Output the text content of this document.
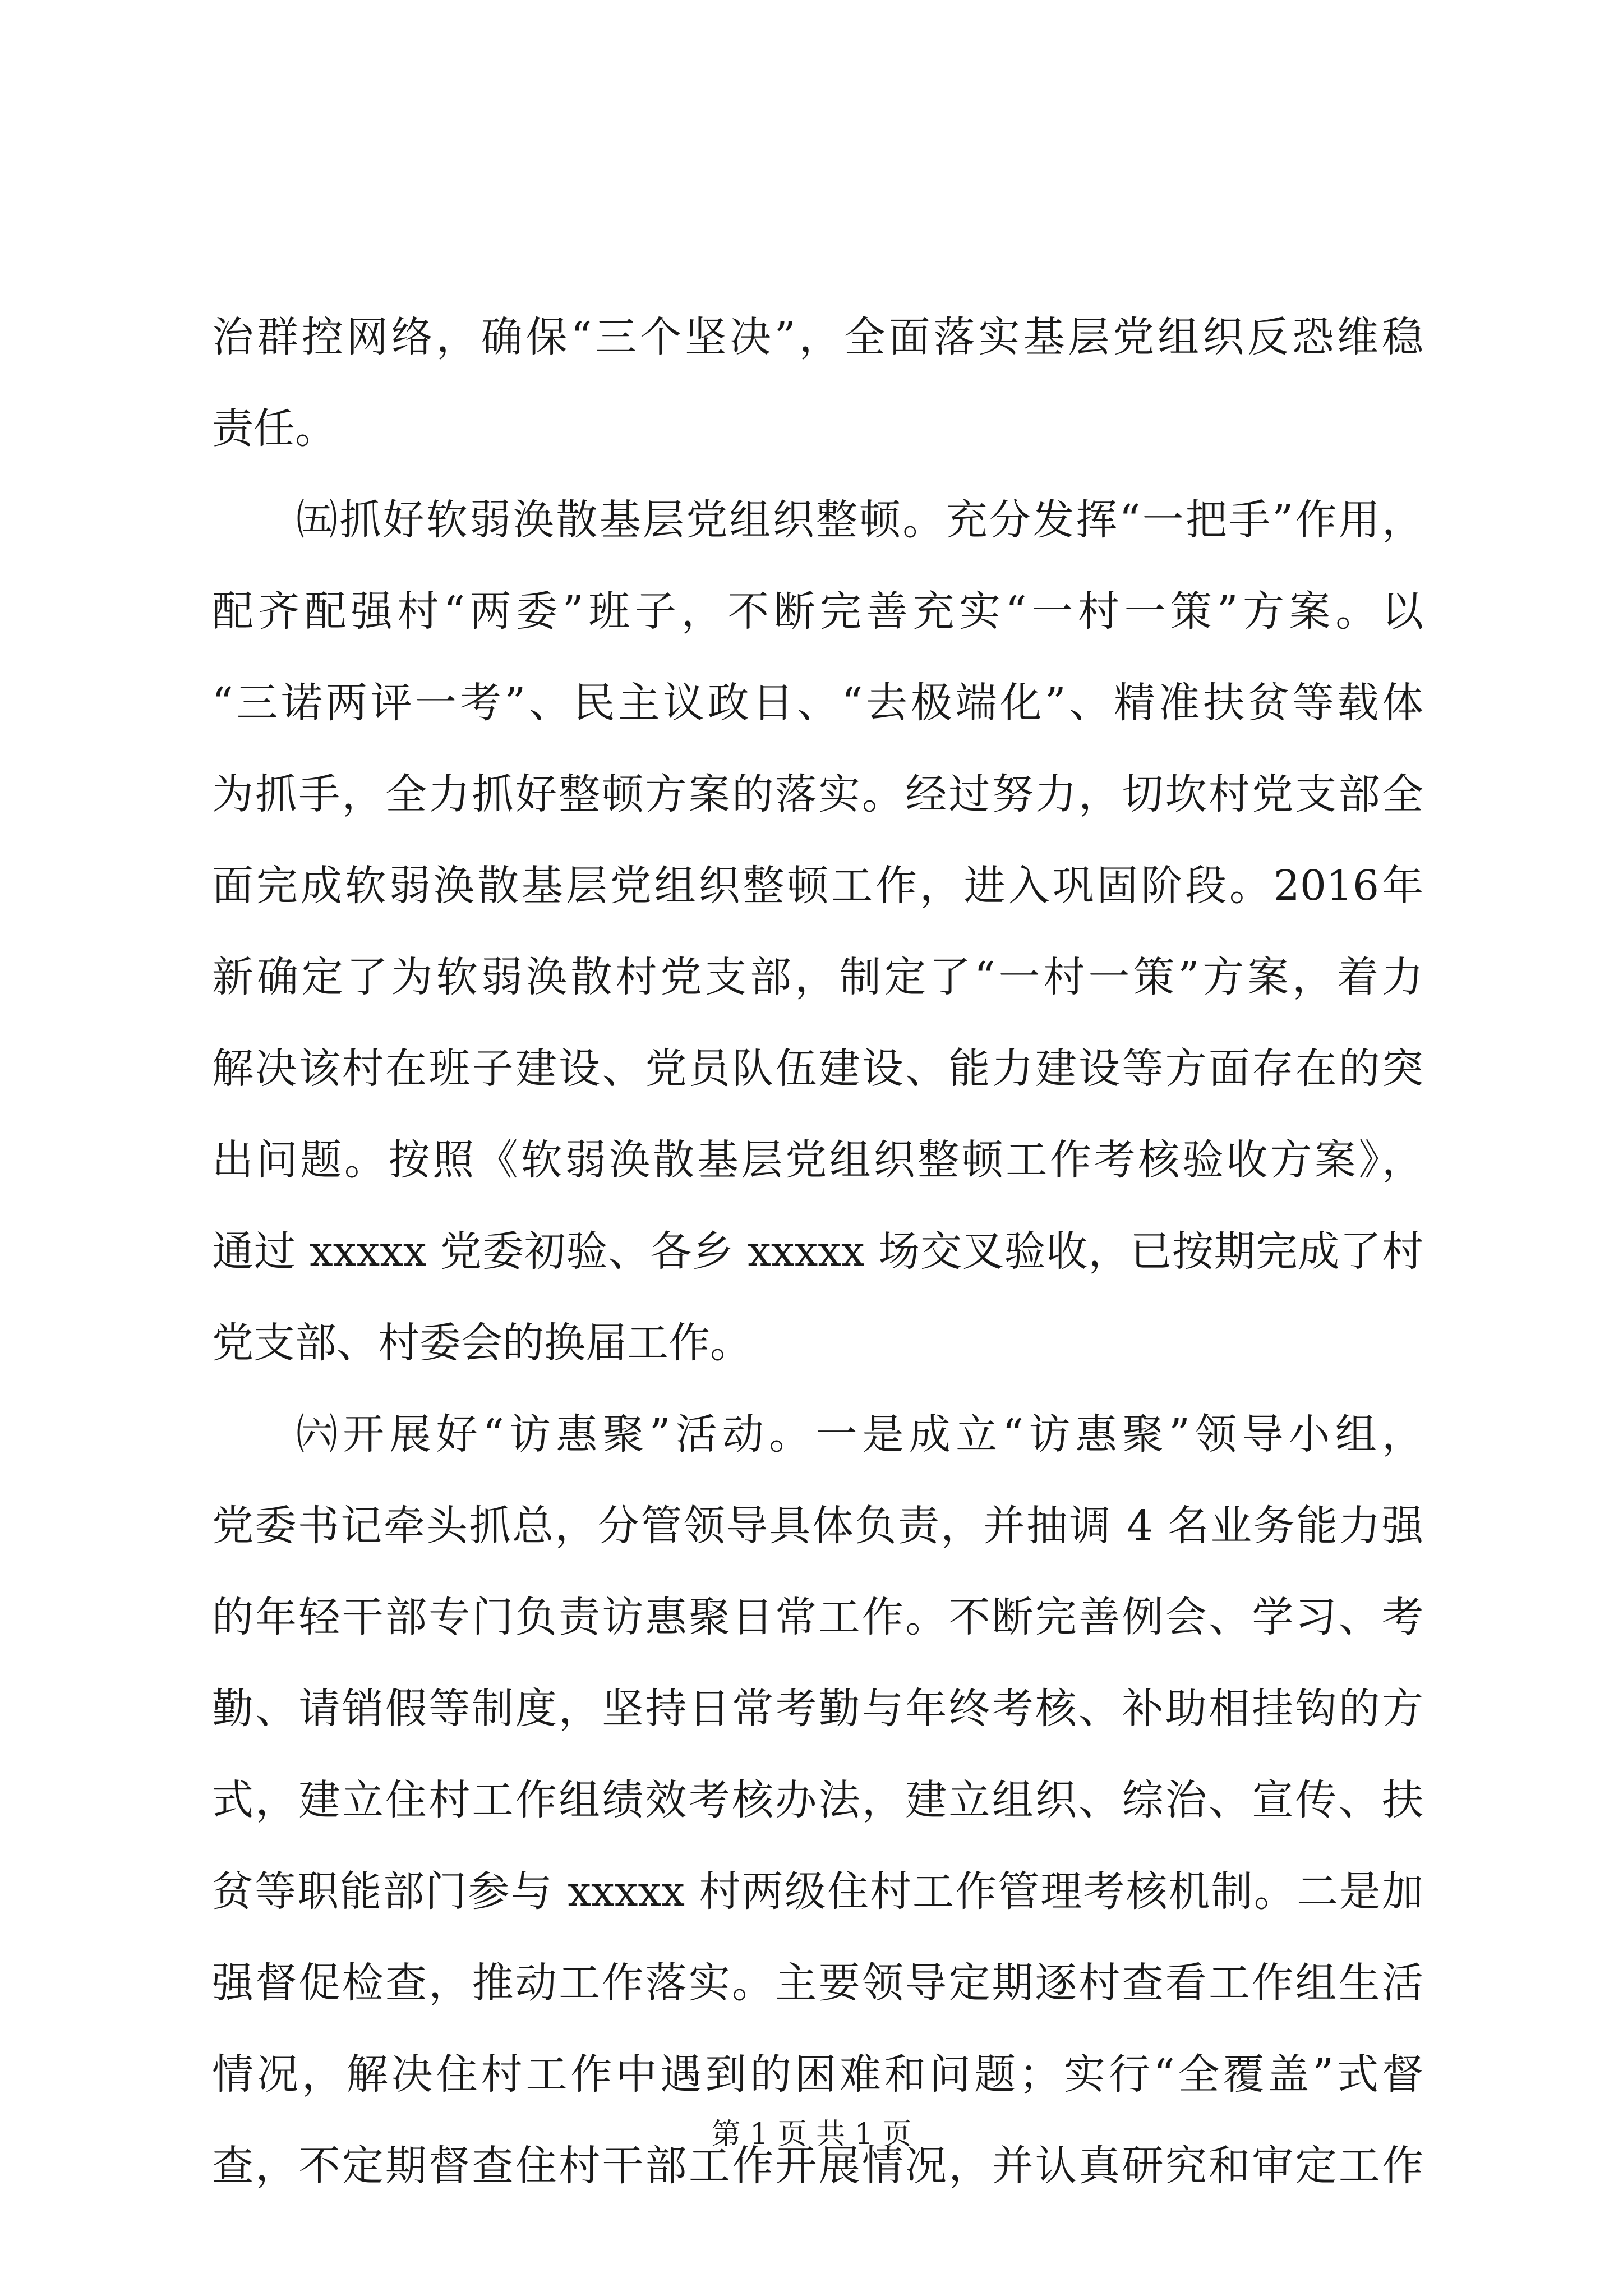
治群控网络，确保“三个坚决”，全面落实基层党组织反恐维稳
责任。
㈤抓好软弱涣散基层党组织整顿。充分发挥“一把手”作用，
配齐配强村“两委”班子，不断完善充实“一村一策”方案。以
“三诺两评一考”、民主议政日、“去极端化”、精准扶贫等载体
为抓手，全力抓好整顿方案的落实。经过努力，切坎村党支部全
面完成软弱涣散基层党组织整顿工作，进入巩固阶段。2016年
新确定了为软弱涣散村党支部，制定了“一村一策”方案，着力
解决该村在班子建设、党员队伍建设、能力建设等方面存在的突
出问题。按照《软弱涣散基层党组织整顿工作考核验收方案》，
通过 xxxxx 党委初验、各乡 xxxxx 场交叉验收，已按期完成了村
党支部、村委会的换届工作。
㈥开展好“访惠聚”活动。一是成立“访惠聚”领导小组，
党委书记牵头抓总，分管领导具体负责，并抽调 4 名业务能力强
的年轻干部专门负责访惠聚日常工作。不断完善例会、学习、考
勤、请销假等制度，坚持日常考勤与年终考核、补助相挂钩的方
式，建立住村工作组绩效考核办法，建立组织、综治、宣传、扶
贫等职能部门参与 xxxxx 村两级住村工作管理考核机制。二是加
强督促检查，推动工作落实。主要领导定期逐村查看工作组生活
情况，解决住村工作中遇到的困难和问题；实行“全覆盖”式督
查，不定期督查住村干部工作开展情况，并认真研究和审定工作
第 1 页 共 1 页
